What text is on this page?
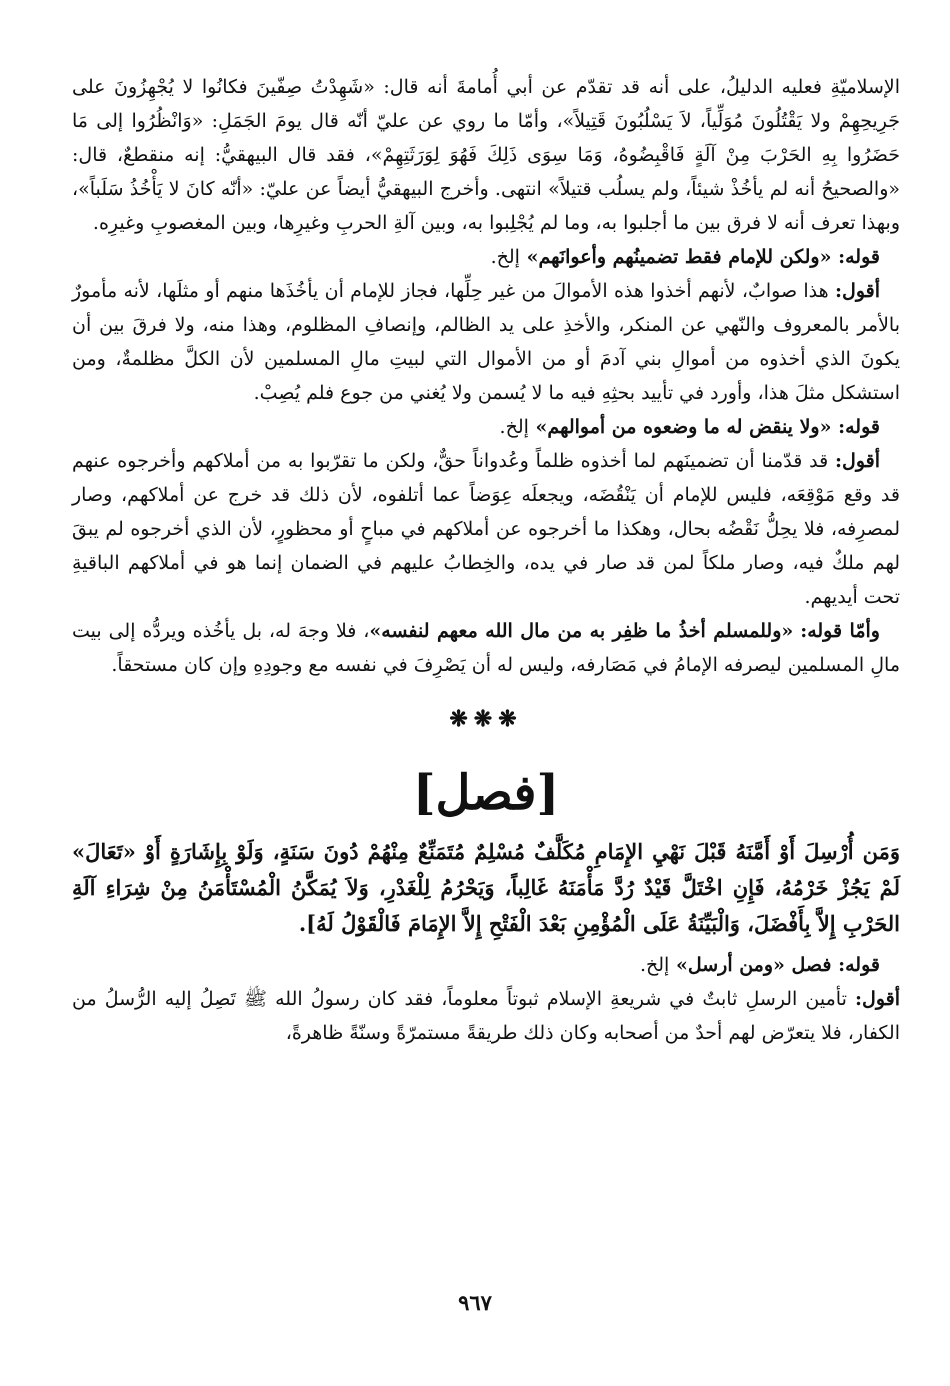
الإسلاميّةِ فعليه الدليلُ، على أنه قد تقدّم عن أبي أُمامةَ أنه قال: «شَهِدْتُ صِفّينَ فكانُوا لا يُجْهِزُونَ على جَرِيحِهِمْ ولا يَقْتُلُونَ مُوَلِّياً، لاَ يَسْلُبُونَ قَتِيلاً»، وأمّا ما روي عن عليّ أنّه قال يومَ الجَمَلِ: «وَانْظُرُوا إلى مَا حَضَرُوا بِهِ الحَرْبَ مِنْ آلَةٍ فَاقْبِضُوهُ، وَمَا سِوَى ذَلِكَ فَهُوَ لِوَرَثَتِهِمْ»، فقد قال البيهقيُّ: إنه منقطعٌ، قال: «والصحيحُ أنه لم يأخُذْ شيئاً، ولم يسلُب قتيلاً» انتهى. وأخرج البيهقيُّ أيضاً عن عليّ: «أنّه كانَ لا يَأْخُذُ سَلَباً»، وبهذا تعرف أنه لا فرق بين ما أجلبوا به، وما لم يُجْلِبوا به، وبين آلةِ الحربِ وغيرِها، وبين المغصوبِ وغيرِه.

قوله: «ولكن للإمام فقط تضمينُهم وأعوانَهم» إلخ.

أقول: هذا صوابٌ، لأنهم أخذوا هذه الأموالَ من غير حِلِّها، فجاز للإمام أن يأخُذَها منهم أو مثلَها، لأنه مأمورٌ بالأمر بالمعروف والنّهي عن المنكر، والأخذِ على يد الظالم، وإنصافِ المظلوم، وهذا منه، ولا فرقَ بين أن يكونَ الذي أخذوه من أموالِ بني آدمَ أو من الأموال التي لبيتِ مالِ المسلمين لأن الكلَّ مظلمةٌ، ومن استشكل مثلَ هذا، وأورد في تأييد بحثِهِ فيه ما لا يُسمن ولا يُغني من جوع فلم يُصِبْ.

قوله: «ولا ينقض له ما وضعوه من أموالهم» إلخ.

أقول: قد قدّمنا أن تضمينَهم لما أخذوه ظلماً وعُدواناً حقٌّ، ولكن ما تقرّبوا به من أملاكهم وأخرجوه عنهم قد وقع مَوْقِعَه، فليس للإمام أن يَنْقُضَه، ويجعلَه عِوَضاً عما أتلفوه، لأن ذلك قد خرج عن أملاكهم، وصار لمصرِفه، فلا يحِلُّ نَقْضُه بحال، وهكذا ما أخرجوه عن أملاكهم في مباحٍ أو محظورٍ، لأن الذي أخرجوه لم يبقَ لهم ملكٌ فيه، وصار ملكاً لمن قد صار في يده، والخِطابُ عليهم في الضمان إنما هو في أملاكهم الباقيةِ تحت أيديهم.

وأمّا قوله: «وللمسلم أخذُ ما ظفِر به من مال الله معهم لنفسه»، فلا وجهَ له، بل يأخُذه ويردُّه إلى بيت مالِ المسلمين ليصرفه الإمامُ في مَصَارفه، وليس له أن يَصْرِفَ في نفسه مع وجودِهِ وإن كان مستحقاً.

❋❋❋
[فصل]

وَمَن أُرْسِلَ أَوْ أَمَّنَهُ قَبْلَ نَهْيِ الإِمَامِ مُكَلَّفٌ مُسْلِمٌ مُتَمَنِّعٌ مِنْهُمْ دُونَ سَنَةٍ، وَلَوْ بِإِشَارَةٍ أَوْ «تَعَالَ» لَمْ يَجُزْ خَرْمُهُ، فَإِنِ اخْتَلَّ قَيْدٌ رُدَّ مَأْمَنَهُ غَالِباً، وَيَحْرُمُ لِلْغَدْرِ، وَلاَ يُمَكَّنُ الْمُسْتَأْمَنُ مِنْ شِرَاءِ آلَةِ الحَرْبِ إِلاَّ بِأَفْضَلَ، وَالْبَيِّنَةُ عَلَى الْمُؤْمِنِ بَعْدَ الْفَتْحِ إِلاَّ الإِمَامَ فَالْقَوْلُ لَهُ].

قوله: فصل «ومن أرسل» إلخ.

أقول: تأمين الرسلِ ثابتٌ في شريعةِ الإسلام ثبوتاً معلوماً، فقد كان رسولُ الله ﷺ تَصِلُ إليه الرُّسلُ من الكفار، فلا يتعرّض لهم أحدٌ من أصحابه وكان ذلك طريقةً مستمرّةً وسنّةً ظاهرةً،

٩٦٧
